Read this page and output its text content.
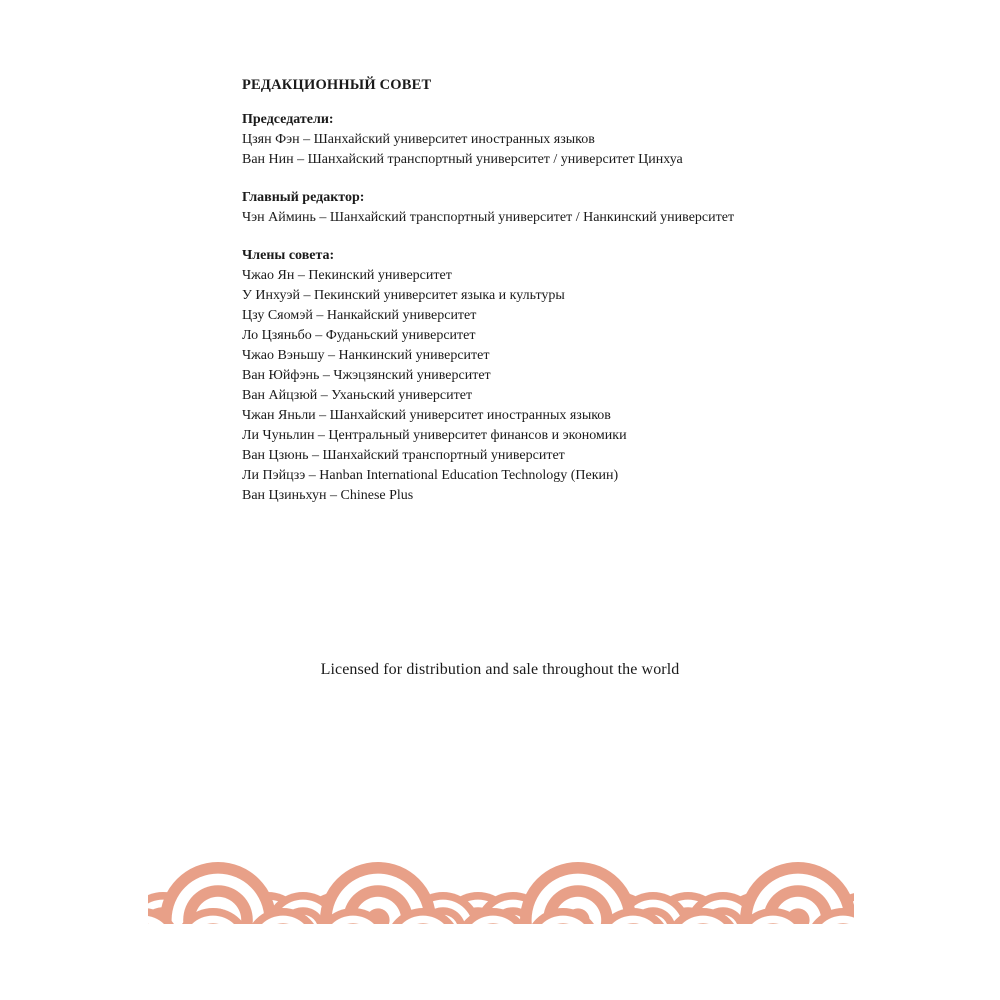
РЕДАКЦИОННЫЙ СОВЕТ
Председатели:
Цзян Фэн – Шанхайский университет иностранных языков
Ван Нин – Шанхайский транспортный университет / университет Цинхуа
Главный редактор:
Чэн Айминь – Шанхайский транспортный университет / Нанкинский университет
Члены совета:
Чжао Ян – Пекинский университет
У Инхуэй – Пекинский университет языка и культуры
Цзу Сяомэй – Нанкайский университет
Ло Цзяньбо – Фуданьский университет
Чжао Вэньшу – Нанкинский университет
Ван Юйфэнь – Чжэцзянский университет
Ван Айцзюй – Уханьский университет
Чжан Яньли – Шанхайский университет иностранных языков
Ли Чуньлин – Центральный университет финансов и экономики
Ван Цзюнь – Шанхайский транспортный университет
Ли Пэйцзэ – Hanban International Education Technology (Пекин)
Ван Цзиньхун – Chinese Plus
Licensed for distribution and sale throughout the world
